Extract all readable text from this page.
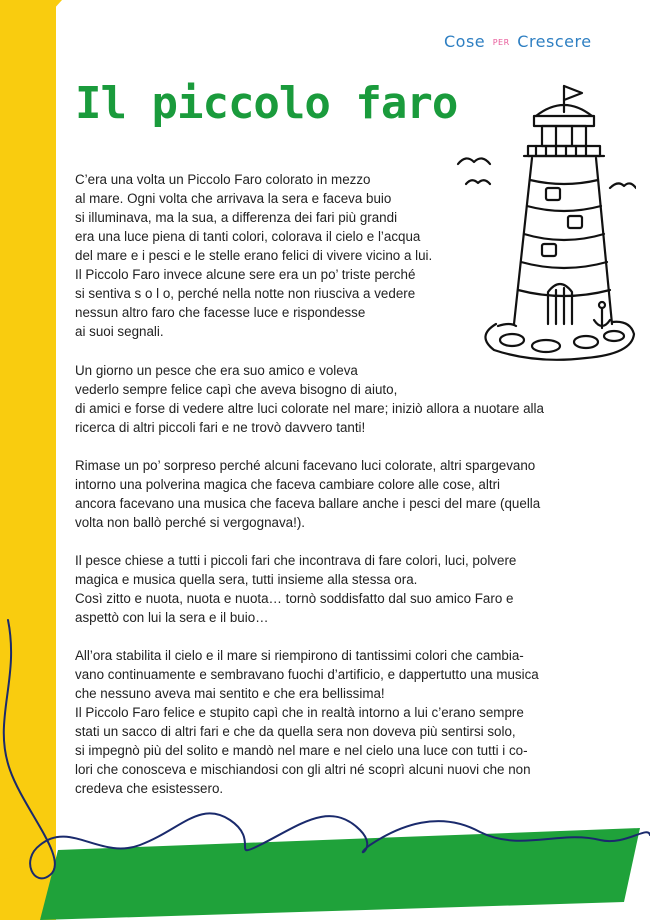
Cose PER Crescere
Il piccolo faro

C’era una volta un Piccolo Faro colorato in mezzo
al mare. Ogni volta che arrivava la sera e faceva buio
si illuminava, ma la sua, a differenza dei fari più grandi
era una luce piena di tanti colori, colorava il cielo e l’acqua
del mare e i pesci e le stelle erano felici di vivere vicino a lui.
Il Piccolo Faro invece alcune sere era un po’ triste perché
si sentiva s o l o, perché nella notte non riusciva a vedere
nessun altro faro che facesse luce e rispondesse
ai suoi segnali.

Un giorno un pesce che era suo amico e voleva
vederlo sempre felice capì che aveva bisogno di aiuto,
di amici e forse di vedere altre luci colorate nel mare; iniziò allora a nuotare alla
ricerca di altri piccoli fari e ne trovò davvero tanti!

Rimase un po’ sorpreso perché alcuni facevano luci colorate, altri spargevano
intorno una polverina magica che faceva cambiare colore alle cose, altri
ancora facevano una musica che faceva ballare anche i pesci del mare (quella
volta non ballò perché si vergognava!).

Il pesce chiese a tutti i piccoli fari che incontrava di fare colori, luci, polvere
magica e musica quella sera, tutti insieme alla stessa ora.
Così zitto e nuota, nuota e nuota… tornò soddisfatto dal suo amico Faro e
aspettò con lui la sera e il buio…

All’ora stabilita il cielo e il mare si riempirono di tantissimi colori che cambia-
vano continuamente e sembravano fuochi d’artificio, e dappertutto una musica
che nessuno aveva mai sentito e che era bellissima!
Il Piccolo Faro felice e stupito capì che in realtà intorno a lui c’erano sempre
stati un sacco di altri fari e che da quella sera non doveva più sentirsi solo,
si impegnò più del solito e mandò nel mare e nel cielo una luce con tutti i co-
lori che conosceva e mischiandosi con gli altri né scoprì alcuni nuovi che non
credeva che esistessero.
